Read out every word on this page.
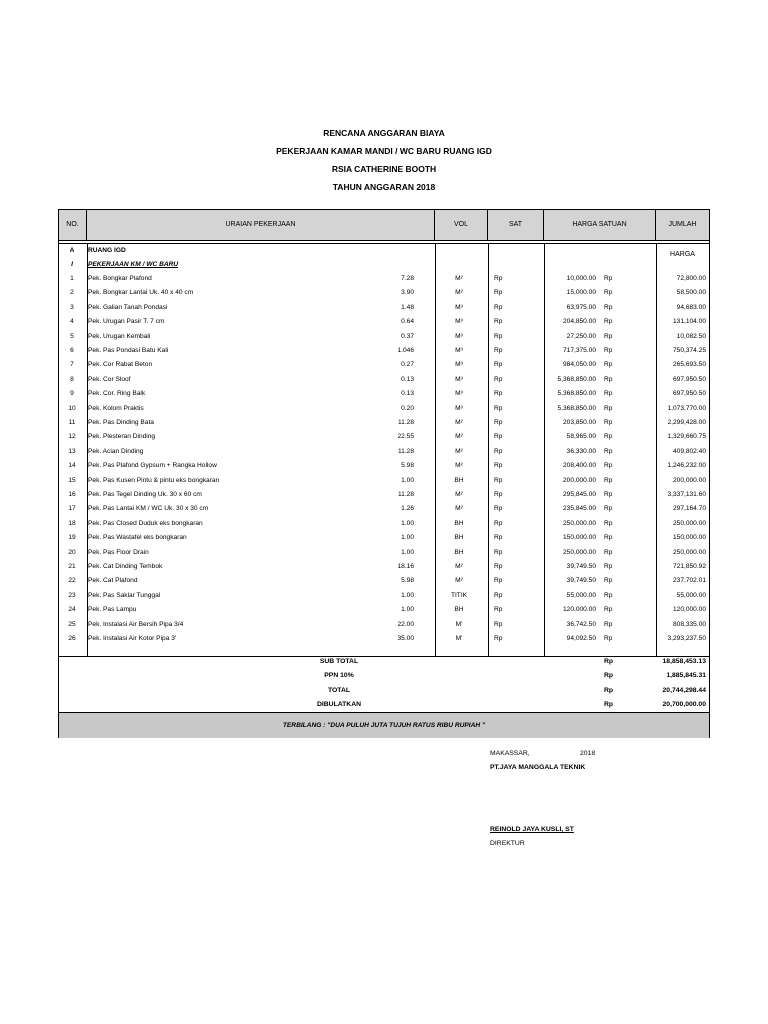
RENCANA ANGGARAN BIAYA
PEKERJAAN KAMAR MANDI / WC BARU RUANG IGD
RSIA CATHERINE BOOTH
TAHUN ANGGARAN 2018
NO.	URAIAN PEKERJAAN	VOL	SAT	HARGA SATUAN	JUMLAH HARGA
A	RUANG IGD
I	PEKERJAAN KM / WC BARU
1	Pek. Bongkar Plafond	7.28	M²	Rp	10,000.00 Rp	72,800.00
2	Pek. Bongkar Lantai Uk. 40 x 40 cm	3.90	M²	Rp	15,000.00 Rp	58,500.00
3	Pek. Galian Tanah Pondasi	1.48	M³	Rp	63,975.00 Rp	94,683.00
4	Pek. Urugan Pasir T. 7 cm	0.64	M³	Rp	204,850.00 Rp	131,104.00
5	Pek. Urugan Kembali	0.37	M³	Rp	27,250.00 Rp	10,082.50
6	Pek. Pas Pondasi Batu Kali	1.046	M³	Rp	717,375.00 Rp	750,374.25
7	Pek. Cor Rabat Beton	0.27	M³	Rp	984,050.00 Rp	265,693.50
8	Pek. Cor Sloof	0.13	M³	Rp	5,368,850.00 Rp	697,950.50
9	Pek. Cor. Ring Balk	0.13	M³	Rp	5,368,850.00 Rp	697,950.50
10	Pek. Kolom Praktis	0.20	M³	Rp	5,368,850.00 Rp	1,073,770.00
11	Pek. Pas Dinding Bata	11.28	M²	Rp	203,850.00 Rp	2,299,428.00
12	Pek. Plesteran Dinding	22.55	M²	Rp	58,965.00 Rp	1,329,660.75
13	Pek. Acian Dinding	11.28	M²	Rp	36,330.00 Rp	409,802.40
14	Pek. Pas Plafond Gypsum + Rangka Hollow	5.98	M²	Rp	208,400.00 Rp	1,246,232.00
15	Pek. Pas Kusen Pintu & pintu eks bongkaran	1.00	BH	Rp	200,000.00 Rp	200,000.00
16	Pek. Pas Tegel Dinding Uk. 30 x 60 cm	11.28	M²	Rp	295,845.00 Rp	3,337,131.60
17	Pek. Pas Lantai KM / WC Uk. 30 x 30 cm	1.26	M²	Rp	235,845.00 Rp	297,164.70
18	Pek. Pas Closed Duduk eks bongkaran	1.00	BH	Rp	250,000.00 Rp	250,000.00
19	Pek. Pas Wastafel eks bongkaran	1.00	BH	Rp	150,000.00 Rp	150,000.00
20	Pek. Pas Floor Drain	1.00	BH	Rp	250,000.00 Rp	250,000.00
21	Pek. Cat Dinding Tembok	18.16	M²	Rp	39,749.50 Rp	721,850.92
22	Pek. Cat Plafond	5.98	M²	Rp	39,749.50 Rp	237,702.01
23	Pek. Pas Saklar Tunggal	1.00	TITIK	Rp	55,000.00 Rp	55,000.00
24	Pek. Pas Lampu	1.00	BH	Rp	120,000.00 Rp	120,000.00
25	Pek. Instalasi Air Bersih Pipa 3/4	22.00	M'	Rp	36,742.50 Rp	808,335.00
26	Pek. Instalasi Air Kotor Pipa 3'	35.00	M'	Rp	94,092.50 Rp	3,293,237.50
SUB TOTAL	Rp	18,858,453.13
PPN 10%	Rp	1,885,845.31
TOTAL	Rp	20,744,298.44
DIBULATKAN	Rp	20,700,000.00
TERBILANG : "DUA PULUH JUTA TUJUH RATUS RIBU RUPIAH "
MAKASSAR,	2018
PT.JAYA MANGGALA TEKNIK
REINOLD JAYA KUSLI, ST
DIREKTUR
